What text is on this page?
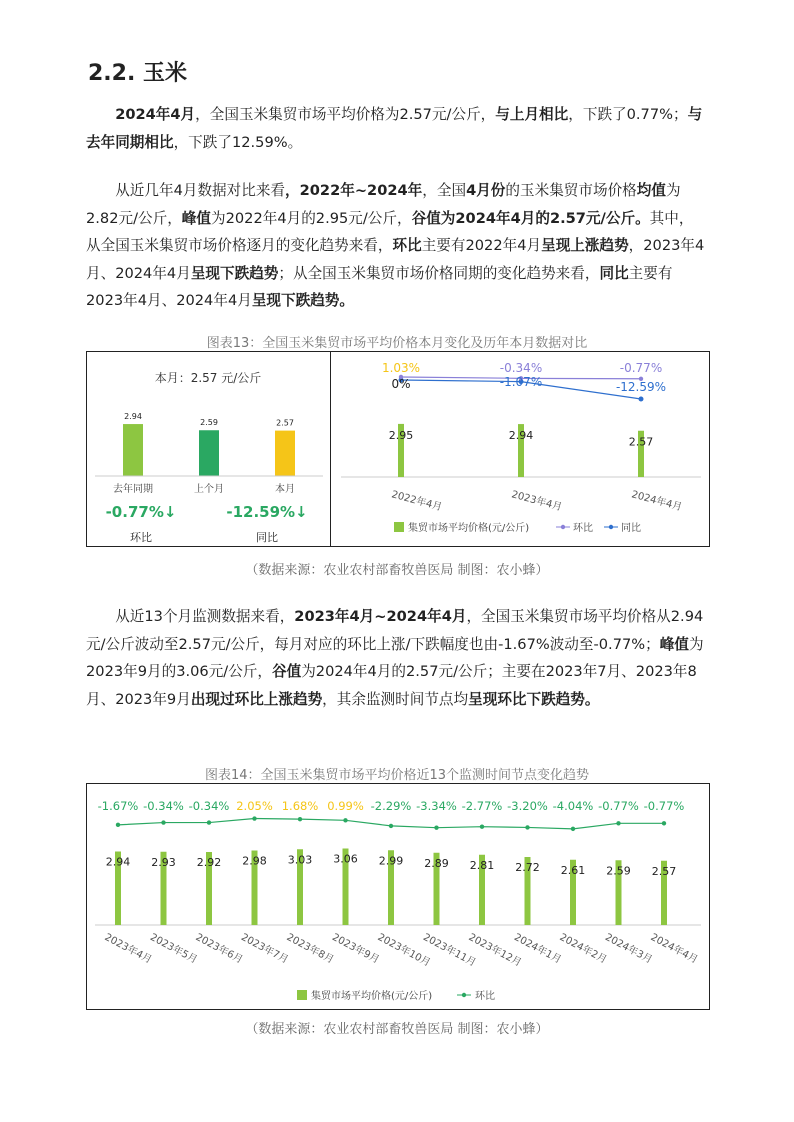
2.2. 玉米

2024年4月，全国玉米集贸市场平均价格为2.57元/公斤，与上月相比，下跌了0.77%；与去年同期相比，下跌了12.59%。

从近几年4月数据对比来看，2022年~2024年，全国4月份的玉米集贸市场价格均值为2.82元/公斤，峰值为2022年4月的2.95元/公斤，谷值为2024年4月的2.57元/公斤。其中，从全国玉米集贸市场价格逐月的变化趋势来看，环比主要有2022年4月呈现上涨趋势，2023年4月、2024年4月呈现下跌趋势；从全国玉米集贸市场价格同期的变化趋势来看，同比主要有2023年4月、2024年4月呈现下跌趋势。

图表13：全国玉米集贸市场平均价格本月变化及历年本月数据对比
本月：2.57 元/公斤
2.94
去年同期
2.59
上个月
2.57
本月
-0.77%↓	-12.59%↓
环比	同比
2.95
2022年4月
2.94
2023年4月
2.57
2024年4月
1.03%	-0.34%	-0.77%
0%	-1.07%	-12.59%
集贸市场平均价格(元/公斤)	环比	同比
（数据来源：农业农村部畜牧兽医局 制图：农小蜂）

从近13个月监测数据来看，2023年4月~2024年4月，全国玉米集贸市场平均价格从2.94元/公斤波动至2.57元/公斤，每月对应的环比上涨/下跌幅度也由-1.67%波动至-0.77%；峰值为2023年9月的3.06元/公斤，谷值为2024年4月的2.57元/公斤；主要在2023年7月、2023年8月、2023年9月出现过环比上涨趋势，其余监测时间节点均呈现环比下跌趋势。

图表14：全国玉米集贸市场平均价格近13个监测时间节点变化趋势
2.94
2023年4月
-1.67%
2.93
2023年5月
-0.34%
2.92
2023年6月
-0.34%
2.98
2023年7月
2.05%
3.03
2023年8月
1.68%
3.06
2023年9月
0.99%
2.99
2023年10月
-2.29%
2.89
2023年11月
-3.34%
2.81
2023年12月
-2.77%
2.72
2024年1月
-3.20%
2.61
2024年2月
-4.04%
2.59
2024年3月
-0.77%
2.57
2024年4月
-0.77%
集贸市场平均价格(元/公斤)	环比
（数据来源：农业农村部畜牧兽医局 制图：农小蜂）
